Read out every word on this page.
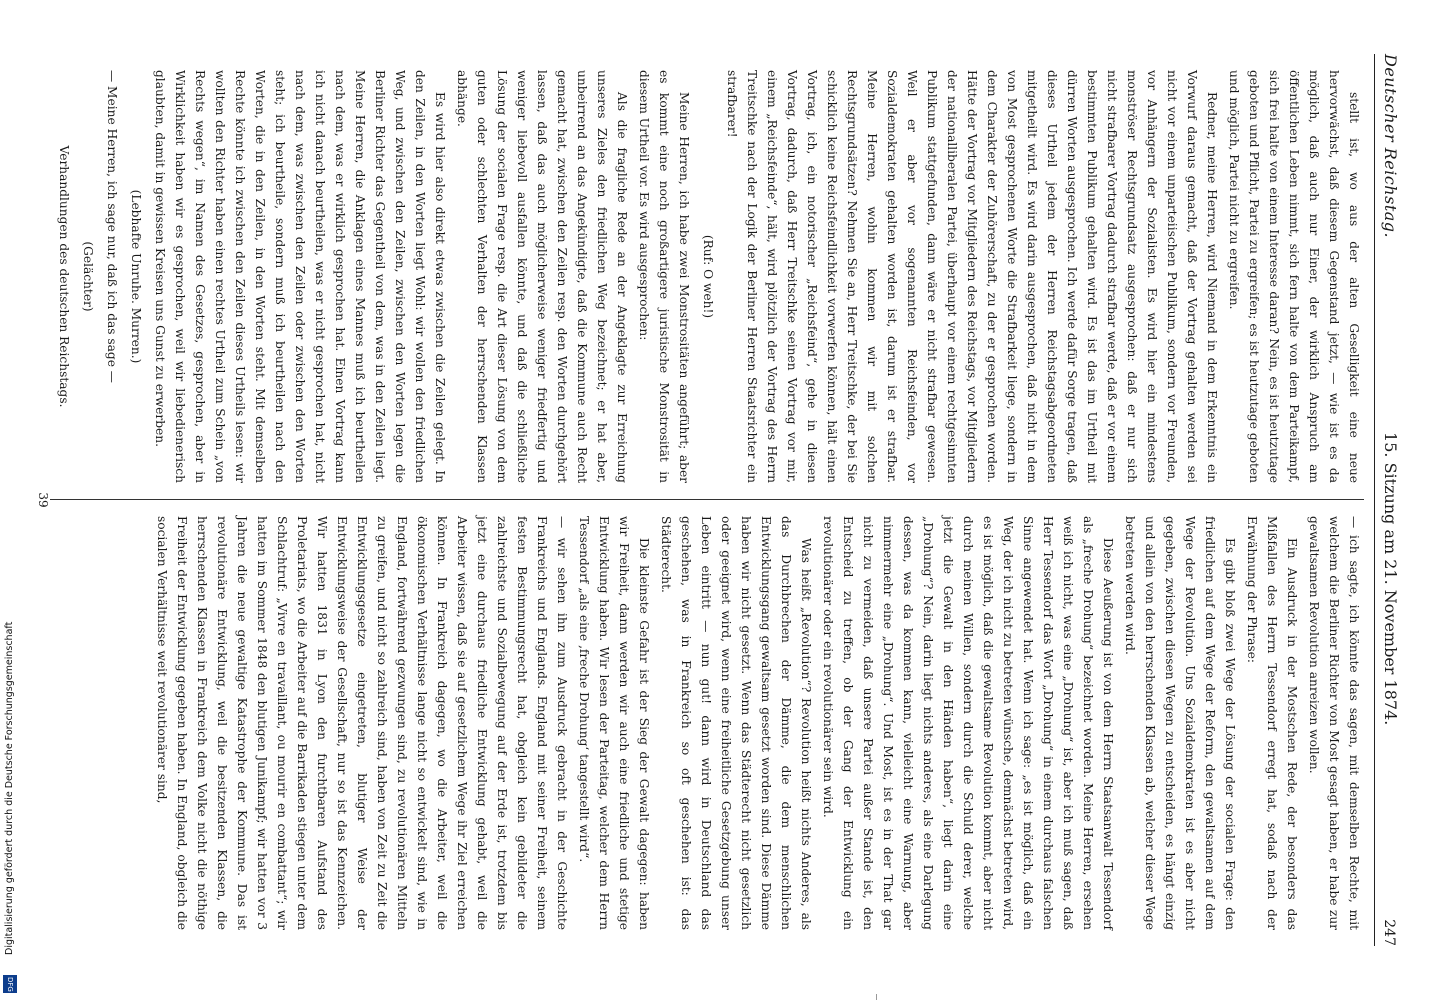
DFG
Digitalisierung gefördert durch die Deutsche Forschungsgemeinschaft
Deutscher Reichstag.
15. Sitzung am 21. November 1874.
247

stellt ist, wo aus der alten Geselligkeit eine neue hervorwächst, daß diesem Gegenstand jetzt, — wie ist es da möglich, daß auch nur Einer, der wirklich Anspruch am öffentlichen Leben nimmt, sich fern halte von dem Parteikampf, sich frei halte von einem Interesse daran? Nein, es ist heutzutage geboten und Pflicht, Partei zu ergreifen; es ist heutzutage geboten und möglich, Partei nicht zu ergreifen.

Redner, meine Herren, wird Niemand in dem Erkenntnis ein Vorwurf daraus gemacht, daß der Vortrag gehalten werden sei nicht vor einem unparteiischen Publikum, sondern vor Freunden, vor Anhängern der Sozialisten. Es wird hier ein mindestens monströser Rechtsgrundsatz ausgesprochen: daß er nur sich nicht strafbarer Vortrag dadurch strafbar werde, daß er vor einem bestimmten Publikum gehalten wird. Es ist das im Urtheil mit dürren Worten ausgesprochen. Ich werde dafür Sorge tragen, daß dieses Urtheil jedem der Herren Reichstagsabgeordneten mitgetheilt wird. Es wird darin ausgesprochen, daß nicht in dem von Most gesprochenen Worte die Strafbarkeit liege, sondern in dem Charakter der Zuhörerschaft, zu der er gesprochen worden. Hätte der Vortrag vor Mitgliedern des Reichstags, vor Mitgliedern der nationalliberalen Partei, überhaupt vor einem rechtgesinnten Publikum stattgefunden, dann wäre er nicht strafbar gewesen. Weil er aber vor sogenannten Reichsfeinden, vor Sozialdemokraten gehalten worden ist, darum ist er strafbar. Meine Herren, wohin kommen wir mit solchen Rechtsgrundsätzen? Nehmen Sie an, Herr Treitschke, der bei Sie schicklich keine Reichsfeindlichkeit vorwerfen können, hält einen Vortrag, ich, ein notorischer „Reichsfeind“, gehe in diesen Vortrag, dadurch, daß Herr Treitschke seinen Vortrag vor mir, einem „Reichsfeinde“, hält, wird plötzlich der Vortrag des Herrn Treitschke nach der Logik der Berliner Herren Staatsrichter ein strafbarer!

(Ruf: O weh!)

Meine Herren, ich habe zwei Monstrositäten angeführt; aber es kommt eine noch großartigere juristische Monstrosität in diesem Urtheil vor. Es wird ausgesprochen:

Als die fragliche Rede an der Angeklagte zur Erreichung unseres Zieles den friedlichen Weg bezeichnet; er hat aber, unbeirrend an das Angekündigte, daß die Kommune auch Recht gemacht hat, zwischen den Zeilen resp. den Worten durchgehört lassen, daß das auch möglicherweise weniger friedfertig und weniger liebevoll ausfallen könnte, und daß die schließliche Lösung der socialen Frage resp. die Art dieser Lösung von dem guten oder schlechten Verhalten der herrschenden Klassen abhänge.

Es wird hier also direkt etwas zwischen die Zeilen gelegt. In den Zeilen, in den Worten liegt Wohl: wir wollen den friedlichen Weg, und zwischen den Zeilen, zwischen den Worten legen die Berliner Richter das Gegentheil von dem, was in den Zeilen liegt. Meine Herren, die Anklagen eines Mannes muß ich beurtheilen nach dem, was er wirklich gesprochen hat. Einen Vortrag kann ich nicht danach beurtheilen, was er nicht gesprochen hat, nicht nach dem, was zwischen den Zeilen oder zwischen den Worten steht; ich beurtheile, sondern muß ich beurtheilen nach den Worten, die in den Zeilen, in den Worten steht. Mit demselben Rechte könnte ich zwischen den Zeilen dieses Urtheils lesen: wir wollten den Richter haben einen rechtes Urtheil zum Schein „von Rechts wegen“, im Namen des Gesetzes, gesprochen, aber in Wirklichkeit haben wir es gesprochen, weil wir liebedienerisch glaubten, damit in gewissen Kreisen uns Gunst zu erwerben.

(Lebhafte Unruhe. Murren.)

— Meine Herren, ich sage nur, daß ich das sage —

(Gelächter)

Verhandlungen des deutschen Reichstags.

— ich sagte, ich könnte das sagen, mit demselben Rechte, mit welchem die Berliner Richter von Most gesagt haben, er habe zur gewaltsamen Revolution anreizen wollen.

Ein Ausdruck in der Mostschen Rede, der besonders das Mißfallen des Herrn Tessendorf erregt hat, sodaß nach der Erwähnung der Phrase:

Es gibt bloß zwei Wege der Lösung der socialen Frage: den friedlichen auf dem Wege der Reform, den gewaltsamen auf dem Wege der Revolution. Uns Sozialdemokraten ist es aber nicht gegeben, zwischen diesen Wegen zu entscheiden, es hängt einzig und allein von den herrschenden Klassen ab, welcher dieser Wege betreten werden wird.

Diese Aeußerung ist von dem Herrn Staatsanwalt Tessendorf als „freche Drohung“ bezeichnet worden. Meine Herren, ersehen weiß ich nicht, was eine „Drohung“ ist, aber ich muß sagen, daß Herr Tessendorf das Wort „Drohung“ in einem durchaus falschen Sinne angewendet hat. Wenn ich sage: „es ist möglich, daß ein Weg, der ich nicht zu betreten wünsche, demnächst betreten wird, es ist möglich, daß die gewaltsame Revolution kommt, aber nicht durch meinen Willen, sondern durch die Schuld derer, welche jetzt die Gewalt in den Händen haben“, liegt darin eine „Drohung“? Nein, darin liegt nichts anderes, als eine Darlegung dessen, was da kommen kann, vielleicht eine Warnung, aber nimmermehr eine „Drohung“. Und Most, ist es in der That gar nicht zu vermeiden, daß unsere Partei außer Stande ist, den Entscheid zu treffen, ob der Gang der Entwicklung ein revolutionärer oder ein revolutionärer sein wird.

Was heißt „Revolution“? Revolution heißt nichts Anderes, als das Durchbrechen der Dämme, die dem menschlichen Entwicklungsgang gewaltsam gesetzt worden sind. Diese Dämme haben wir nicht gesetzt. Wenn das Städterecht nicht gesetzlich oder geeignet wird, wenn eine freiheitliche Gesetzgebung unser Leben eintritt — nun gut! dann wird in Deutschland das geschehen, was in Frankreich so oft geschehen ist: das Städterecht.

Die kleinste Gefahr ist der Sieg der Gewalt dagegen: haben wir Freiheit, dann werden wir auch eine friedliche und stetige Entwicklung haben. Wir lesen der Parteitag, welcher dem Herrn Tessendorf „als eine ‚freche Drohung‘ tangestellt wird“.

— wir sehen ihn zum Ausdruck gebracht in der Geschichte Frankreichs und Englands. England mit seiner Freiheit, seinem festen Bestimmungsrecht hat, obgleich kein gebildeter die zahlreichste und Sozialbewegung auf der Erde ist, trotzdem bis jetzt eine durchaus friedliche Entwicklung gehabt, weil die Arbeiter wissen, daß sie auf gesetzlichem Wege ihr Ziel erreichen können. In Frankreich dagegen, wo die Arbeiter, weil die ökonomischen Verhältnisse lange nicht so entwickelt sind, wie in England, fortwährend gezwungen sind, zu revolutionären Mitteln zu greifen, und nicht so zahlreich sind, haben von Zeit zu Zeit die Entwicklungsgesetze eingetreten, blutiger Weise der Entwicklungsweise der Gesellschaft, nur so ist das Kennzeichen. Wir hatten 1831 in Lyon den furchtbaren Aufstand des Proletariats, wo die Arbeiter auf die Barrikaden stiegen unter dem Schlachtruf: „Vivre en travaillant, ou mourir en combattant“; wir hatten im Sommer 1848 den blutigen Junikampf; wir hatten vor 3 Jahren die neue gewaltige Katastrophe der Kommune. Das ist revolutionäre Entwicklung, weil die besitzenden Klassen, die herrschenden Klassen in Frankreich dem Volke nicht die nöthige Freiheit der Entwicklung gegeben haben. In England, obgleich die socialen Verhältnisse weit revolutionärer sind,

39
